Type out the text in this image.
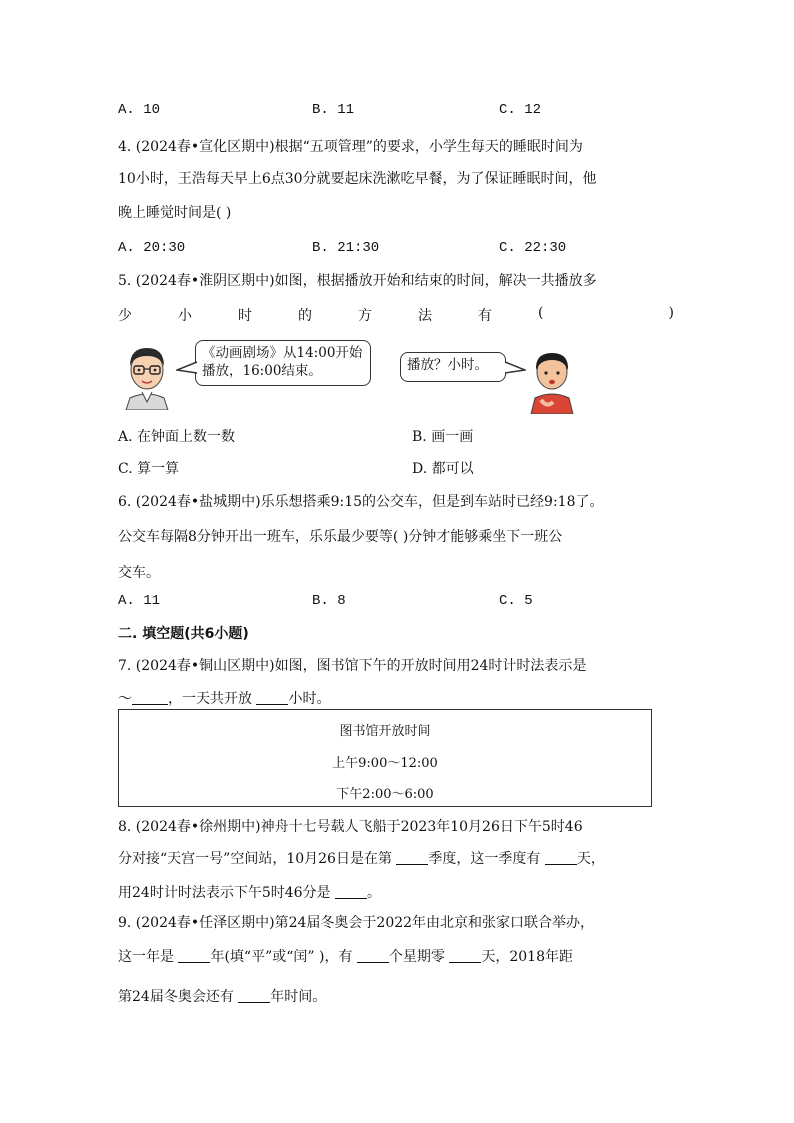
A. 10	B. 11	C. 12
4. (2024春•宣化区期中)根据“五项管理”的要求，小学生每天的睡眠时间为
10小时，王浩每天早上6点30分就要起床洗漱吃早餐，为了保证睡眠时间，他
晚上睡觉时间是( )
A. 20:30	B. 21:30	C. 22:30
5. (2024春•淮阴区期中)如图，根据播放开始和结束的时间，解决一共播放多
少	小	时	的	方	法	有	(	)
《动画剧场》从14:00开始播放，16:00结束。	播放？小时。
A. 在钟面上数一数	B. 画一画
C. 算一算	D. 都可以
6. (2024春•盐城期中)乐乐想搭乘9:15的公交车，但是到车站时已经9:18了。
公交车每隔8分钟开出一班车，乐乐最少要等( )分钟才能够乘坐下一班公
交车。
A. 11	B. 8	C. 5
二. 填空题(共6小题)
7. (2024春•铜山区期中)如图，图书馆下午的开放时间用24时计时法表示是
～	，一天共开放 小时。
图书馆开放时间
上午9:00～12:00
下午2:00～6:00
8. (2024春•徐州期中)神舟十七号载人飞船于2023年10月26日下午5时46
分对接“天宫一号”空间站，10月26日是在第 季度，这一季度有 天，
用24时计时法表示下午5时46分是 。
9. (2024春•任泽区期中)第24届冬奥会于2022年由北京和张家口联合举办，
这一年是 年(填“平”或“闰” )，有 个星期零 天，2018年距
第24届冬奥会还有 年时间。
